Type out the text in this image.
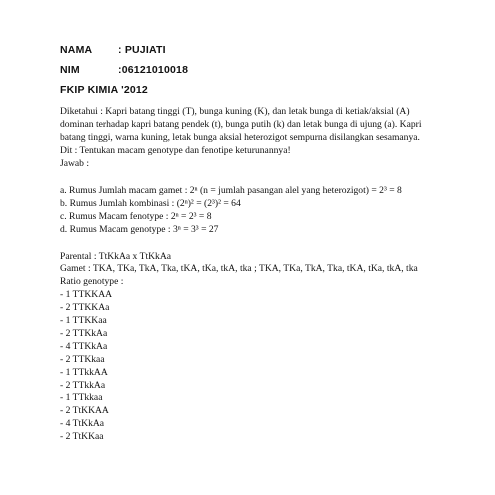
NAMA	: PUJIATI
NIM	:06121010018
FKIP KIMIA '2012

Diketahui : Kapri batang tinggi (T), bunga kuning (K), dan letak bunga di ketiak/aksial (A)

dominan terhadap kapri batang pendek (t), bunga putih (k) dan letak bunga di ujung (a). Kapri

batang tinggi, warna kuning, letak bunga aksial heterozigot sempurna disilangkan sesamanya.

Dit : Tentukan macam genotype dan fenotipe keturunannya!

Jawab :

a. Rumus Jumlah macam gamet : 2ⁿ (n = jumlah pasangan alel yang heterozigot) = 2³ = 8

b. Rumus Jumlah kombinasi : (2ⁿ)² = (2³)² = 64

c. Rumus Macam fenotype : 2ⁿ = 2³ = 8

d. Rumus Macam genotype : 3ⁿ = 3³ = 27

Parental : TtKkAa x TtKkAa

Gamet : TKA, TKa, TkA, Tka, tKA, tKa, tkA, tka ; TKA, TKa, TkA, Tka, tKA, tKa, tkA, tka

Ratio genotype :

- 1 TTKKAA
- 2 TTKKAa
- 1 TTKKaa
- 2 TTKkAa
- 4 TTKkAa
- 2 TTKkaa
- 1 TTkkAA
- 2 TTkkAa
- 1 TTkkaa
- 2 TtKKAA
- 4 TtKkAa
- 2 TtKKaa
